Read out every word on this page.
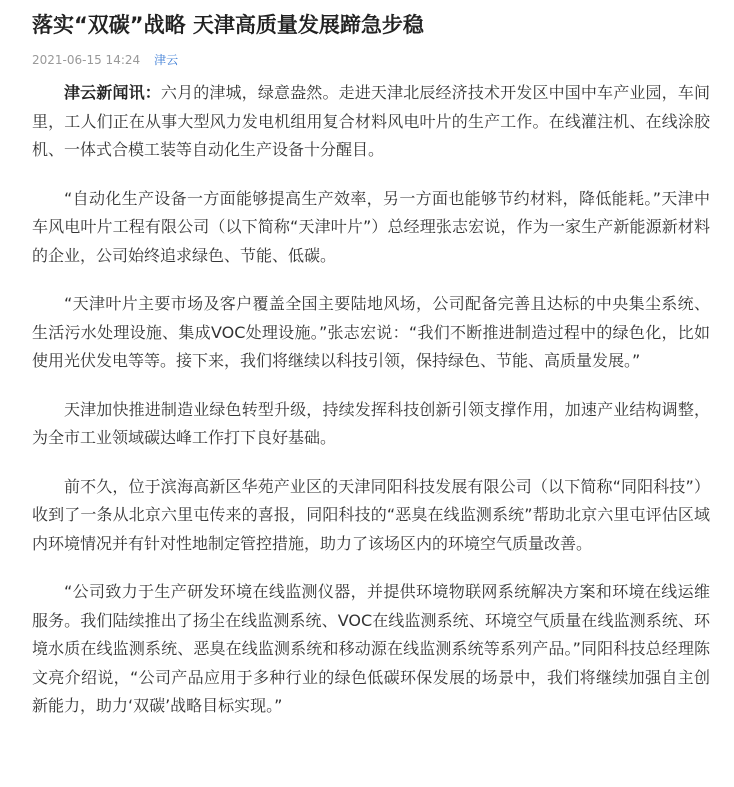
落实“双碳”战略 天津高质量发展蹄急步稳
2021-06-15 14:24 津云

津云新闻讯：六月的津城，绿意盎然。走进天津北辰经济技术开发区中国中车产业园，车间里，工人们正在从事大型风力发电机组用复合材料风电叶片的生产工作。在线灌注机、在线涂胶机、一体式合模工装等自动化生产设备十分醒目。

“自动化生产设备一方面能够提高生产效率，另一方面也能够节约材料，降低能耗。”天津中车风电叶片工程有限公司（以下简称“天津叶片”）总经理张志宏说，作为一家生产新能源新材料的企业，公司始终追求绿色、节能、低碳。

“天津叶片主要市场及客户覆盖全国主要陆地风场，公司配备完善且达标的中央集尘系统、生活污水处理设施、集成VOC处理设施。”张志宏说：“我们不断推进制造过程中的绿色化，比如使用光伏发电等等。接下来，我们将继续以科技引领，保持绿色、节能、高质量发展。”

天津加快推进制造业绿色转型升级，持续发挥科技创新引领支撑作用，加速产业结构调整，为全市工业领域碳达峰工作打下良好基础。

前不久，位于滨海高新区华苑产业区的天津同阳科技发展有限公司（以下简称“同阳科技”）收到了一条从北京六里屯传来的喜报，同阳科技的“恶臭在线监测系统”帮助北京六里屯评估区域内环境情况并有针对性地制定管控措施，助力了该场区内的环境空气质量改善。

“公司致力于生产研发环境在线监测仪器，并提供环境物联网系统解决方案和环境在线运维服务。我们陆续推出了扬尘在线监测系统、VOC在线监测系统、环境空气质量在线监测系统、环境水质在线监测系统、恶臭在线监测系统和移动源在线监测系统等系列产品。”同阳科技总经理陈文亮介绍说，“公司产品应用于多种行业的绿色低碳环保发展的场景中，我们将继续加强自主创新能力，助力‘双碳’战略目标实现。”
